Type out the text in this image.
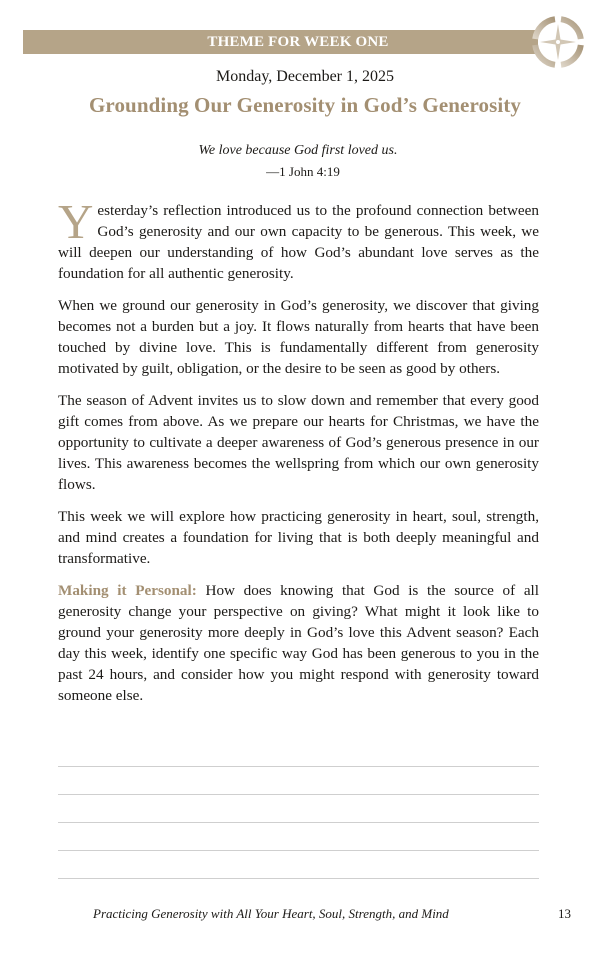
THEME FOR WEEK ONE
Monday, December 1, 2025
Grounding Our Generosity in God’s Generosity
We love because God first loved us.
—1 John 4:19

Yesterday’s reflection introduced us to the profound connection between God’s generosity and our own capacity to be generous. This week, we will deepen our understanding of how God’s abundant love serves as the foundation for all authentic generosity.

When we ground our generosity in God’s generosity, we discover that giving becomes not a burden but a joy. It flows naturally from hearts that have been touched by divine love. This is fundamentally different from generosity motivated by guilt, obligation, or the desire to be seen as good by others.

The season of Advent invites us to slow down and remember that every good gift comes from above. As we prepare our hearts for Christmas, we have the opportunity to cultivate a deeper awareness of God’s generous presence in our lives. This awareness becomes the wellspring from which our own generosity flows.

This week we will explore how practicing generosity in heart, soul, strength, and mind creates a foundation for living that is both deeply meaningful and transformative.

Making it Personal: How does knowing that God is the source of all generosity change your perspective on giving? What might it look like to ground your generosity more deeply in God’s love this Advent season? Each day this week, identify one specific way God has been generous to you in the past 24 hours, and consider how you might respond with generosity toward someone else.

Practicing Generosity with All Your Heart, Soul, Strength, and Mind	13
